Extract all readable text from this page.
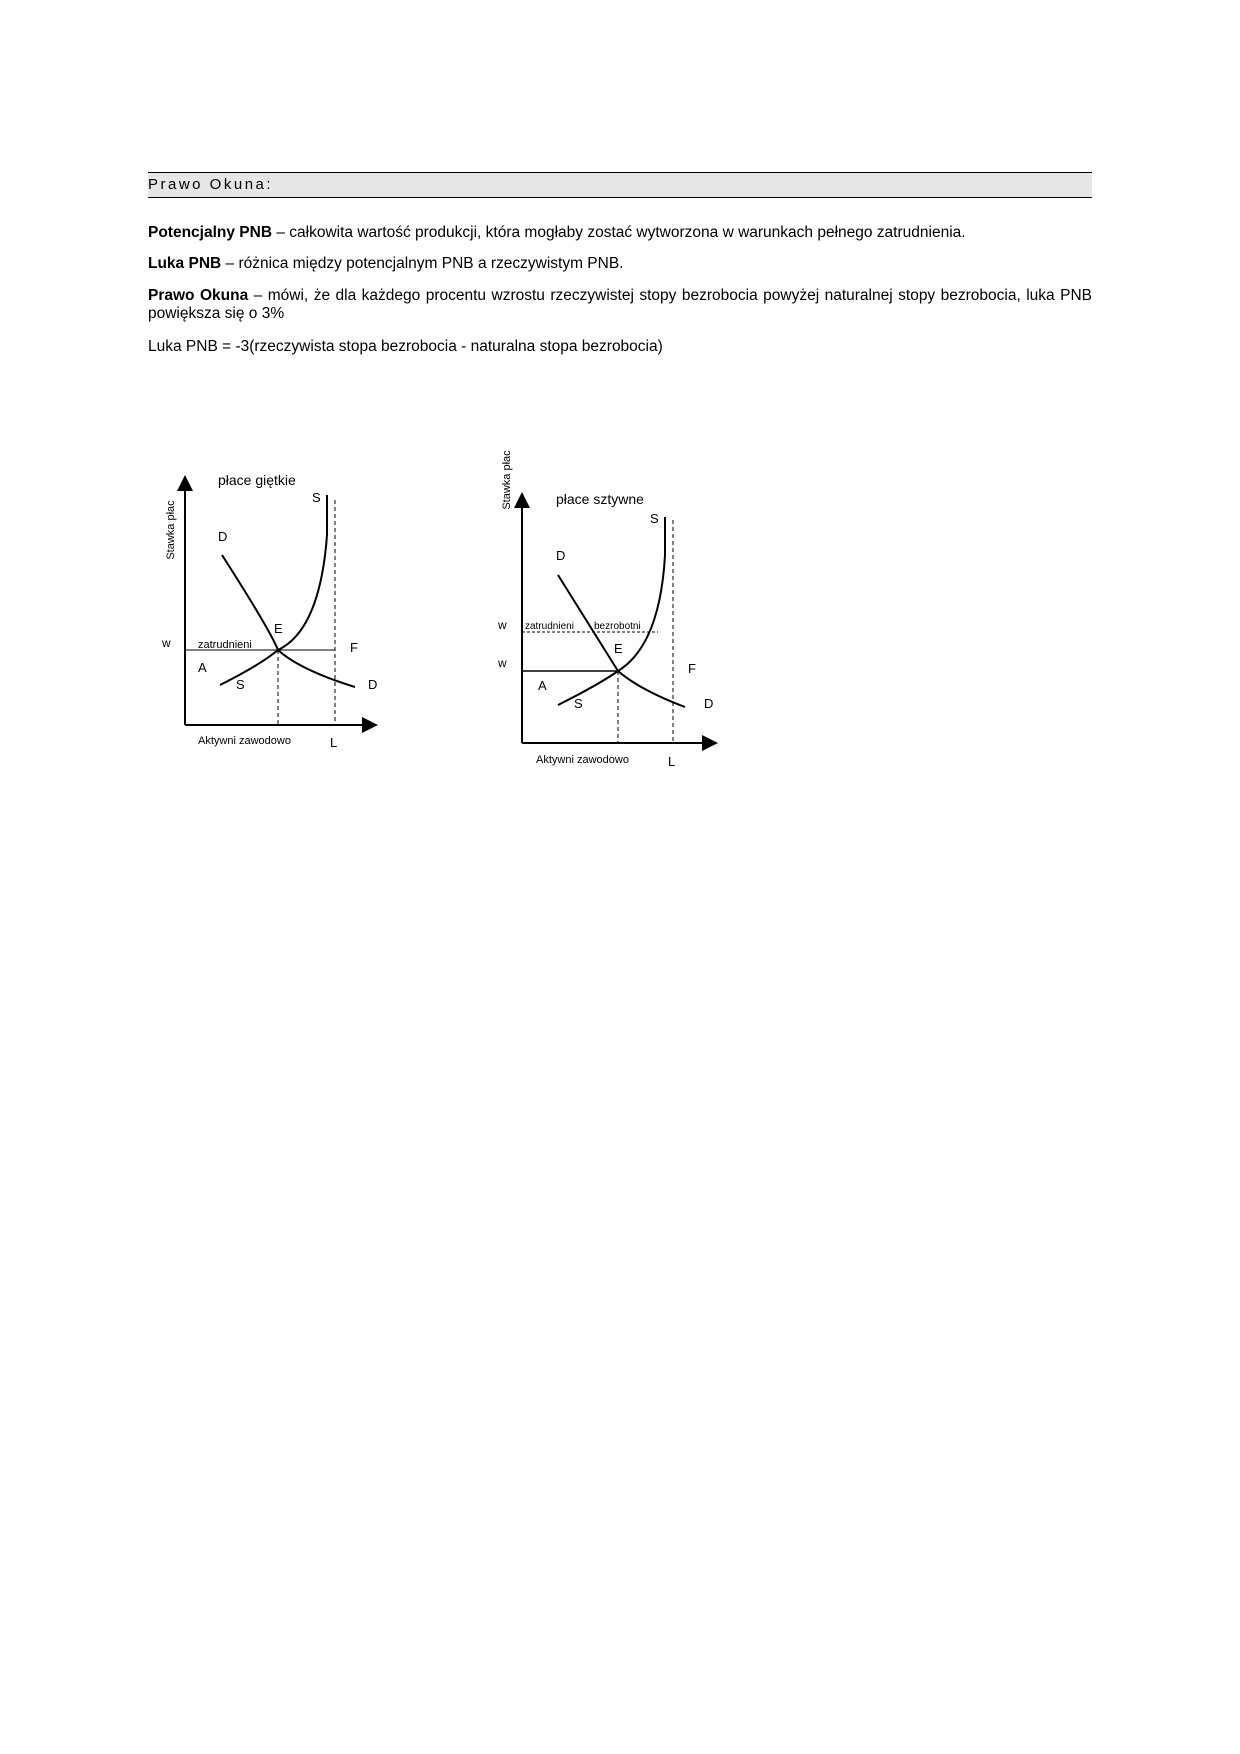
Prawo Okuna:
Potencjalny PNB – całkowita wartość produkcji, która mogłaby zostać wytworzona w warunkach pełnego zatrudnienia.
Luka PNB – różnica między potencjalnym PNB a rzeczywistym PNB.
Prawo Okuna – mówi, że dla każdego procentu wzrostu rzeczywistej stopy bezrobocia powyżej naturalnej stopy bezrobocia, luka PNB powiększa się o 3%
Luka PNB = -3(rzeczywista stopa bezrobocia - naturalna stopa bezrobocia)
Stawka płac
płace giętkie
w zatrudnieni
E
F
A
S	D
D
S
Aktywni zawodowo	L
Stawka płac	płace sztywne
w
w
zatrudnieni bezrobotni
E
F
A
S	D
D
S
Aktywni zawodowo	L
